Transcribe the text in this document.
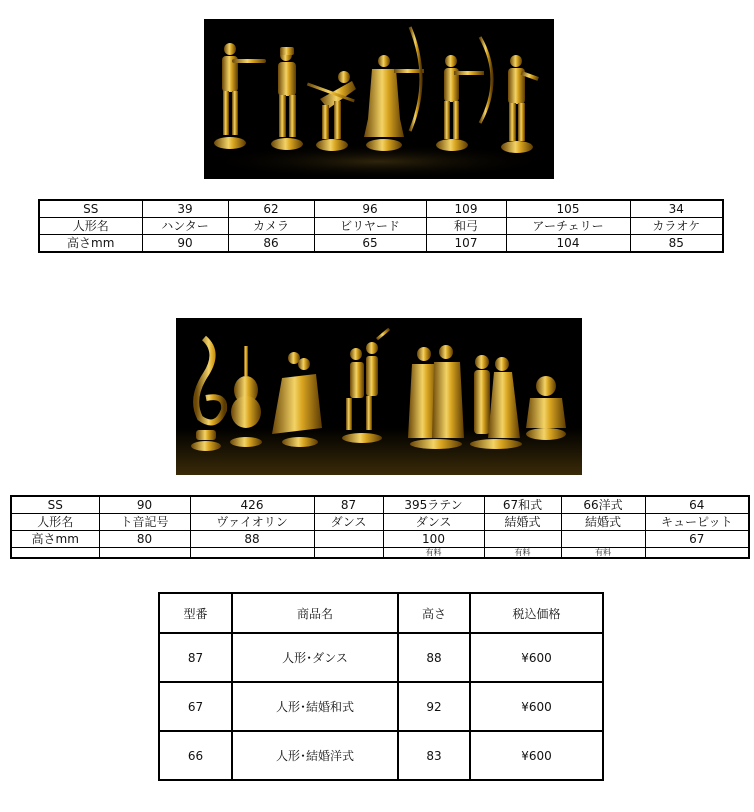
SS	39	62	96	109	105	34
人形名	ハンター	カメラ	ビリヤード	和弓	アーチェリー	カラオケ
高さmm	90	86	65	107	104	85
SS	90	426	87	395ラテン	67和式	66洋式	64
人形名	ト音記号	ヴァイオリン	ダンス	ダンス	結婚式	結婚式	キューピット
高さmm	80	88		100			67
				有料	有料	有料	
型番	商品名	高さ	税込価格
87	人形･ダンス	88	¥600
67	人形･結婚和式	92	¥600
66	人形･結婚洋式	83	¥600
